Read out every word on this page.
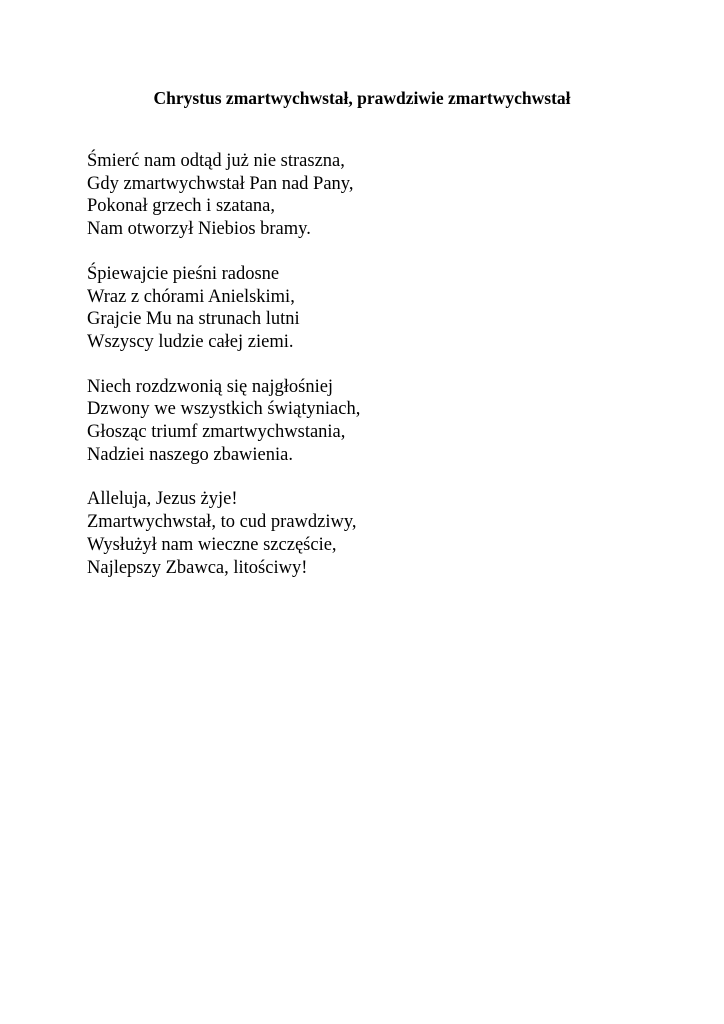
Chrystus zmartwychwstał, prawdziwie zmartwychwstał
Śmierć nam odtąd już nie straszna,
Gdy zmartwychwstał Pan nad Pany,
Pokonał grzech i szatana,
Nam otworzył Niebios bramy.
Śpiewajcie pieśni radosne
Wraz z chórami Anielskimi,
Grajcie Mu na strunach lutni
Wszyscy ludzie całej ziemi.
Niech rozdzwonią się najgłośniej
Dzwony we wszystkich świątyniach,
Głosząc triumf zmartwychwstania,
Nadziei naszego zbawienia.
Alleluja, Jezus żyje!
Zmartwychwstał, to cud prawdziwy,
Wysłużył nam wieczne szczęście,
Najlepszy Zbawca, litościwy!
